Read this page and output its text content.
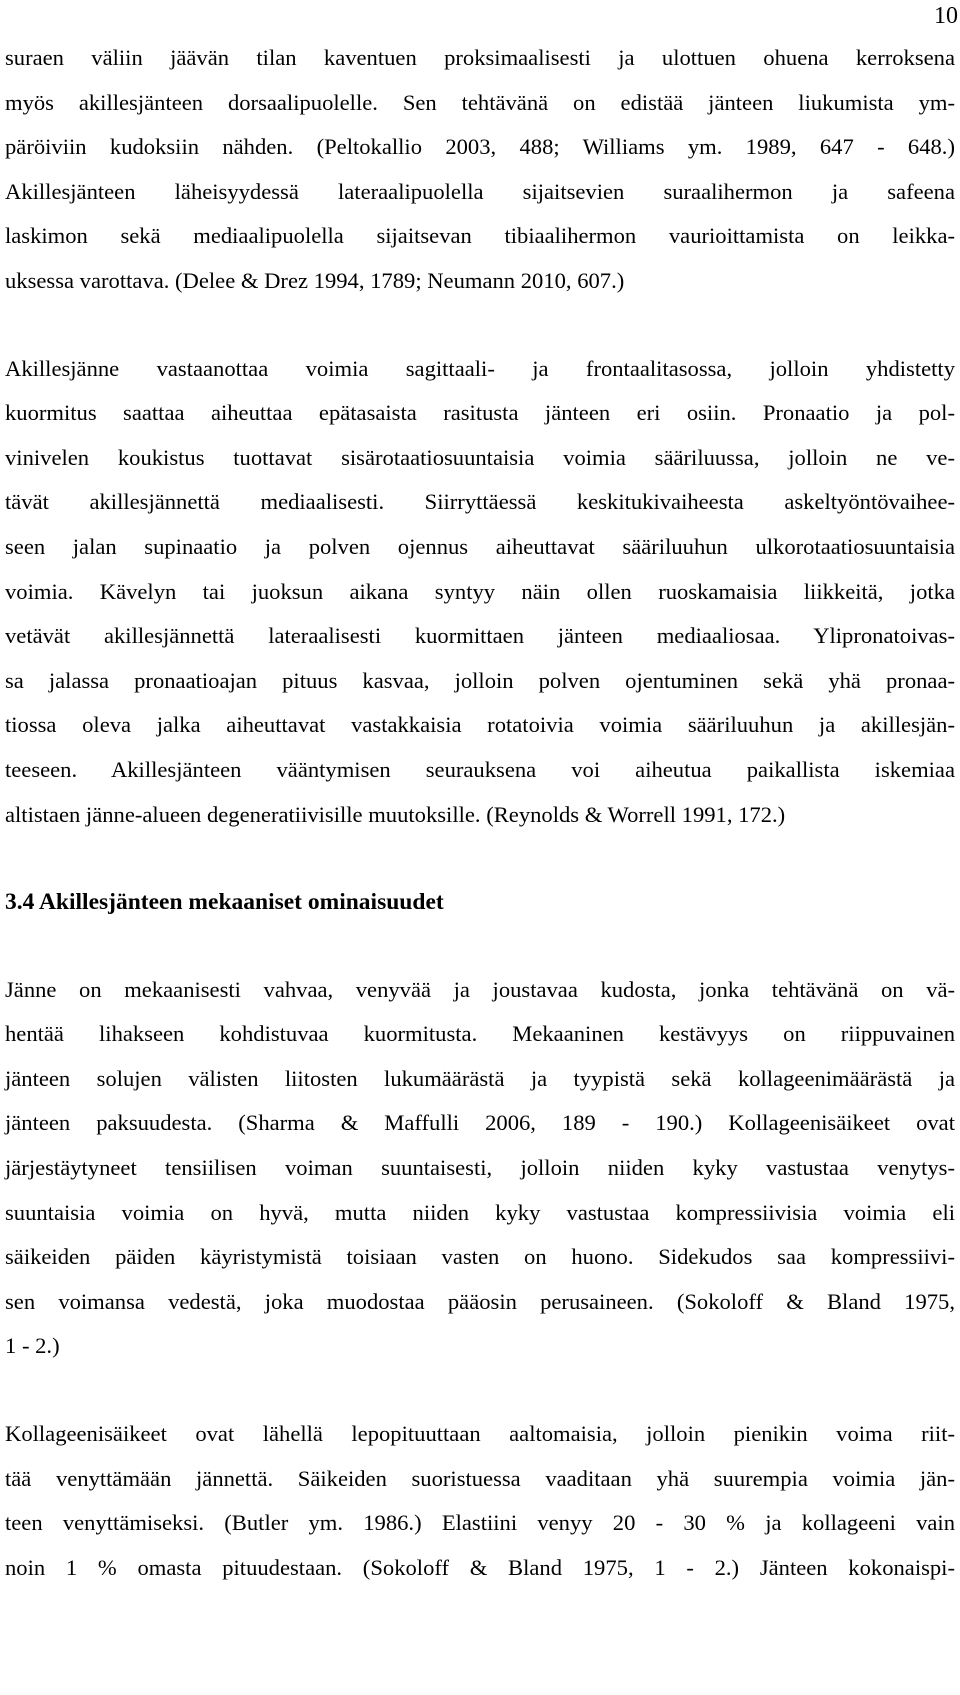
10
suraen väliin jäävän tilan kaventuen proksimaalisesti ja ulottuen ohuena kerroksena
myös akillesjänteen dorsaalipuolelle. Sen tehtävänä on edistää jänteen liukumista ym-
päröiviin kudoksiin nähden. (Peltokallio 2003, 488; Williams ym. 1989, 647 - 648.)
Akillesjänteen läheisyydessä lateraalipuolella sijaitsevien suraalihermon ja safeena
laskimon sekä mediaalipuolella sijaitsevan tibiaalihermon vaurioittamista on leikka-
uksessa varottava. (Delee & Drez 1994, 1789; Neumann 2010, 607.)
Akillesjänne vastaanottaa voimia sagittaali- ja frontaalitasossa, jolloin yhdistetty
kuormitus saattaa aiheuttaa epätasaista rasitusta jänteen eri osiin. Pronaatio ja pol-
vinivelen koukistus tuottavat sisärotaatiosuuntaisia voimia sääriluussa, jolloin ne ve-
tävät akillesjännettä mediaalisesti. Siirryttäessä keskitukivaiheesta askeltyöntövaihee-
seen jalan supinaatio ja polven ojennus aiheuttavat sääriluuhun ulkorotaatiosuuntaisia
voimia. Kävelyn tai juoksun aikana syntyy näin ollen ruoskamaisia liikkeitä, jotka
vetävät akillesjännettä lateraalisesti kuormittaen jänteen mediaaliosaa. Ylipronatoivas-
sa jalassa pronaatioajan pituus kasvaa, jolloin polven ojentuminen sekä yhä pronaa-
tiossa oleva jalka aiheuttavat vastakkaisia rotatoivia voimia sääriluuhun ja akillesjän-
teeseen. Akillesjänteen vääntymisen seurauksena voi aiheutua paikallista iskemiaa
altistaen jänne-alueen degeneratiivisille muutoksille. (Reynolds & Worrell 1991, 172.)
3.4 Akillesjänteen mekaaniset ominaisuudet
Jänne on mekaanisesti vahvaa, venyvää ja joustavaa kudosta, jonka tehtävänä on vä-
hentää lihakseen kohdistuvaa kuormitusta. Mekaaninen kestävyys on riippuvainen
jänteen solujen välisten liitosten lukumäärästä ja tyypistä sekä kollageenimäärästä ja
jänteen paksuudesta. (Sharma & Maffulli 2006, 189 - 190.) Kollageenisäikeet ovat
järjestäytyneet tensiilisen voiman suuntaisesti, jolloin niiden kyky vastustaa venytys-
suuntaisia voimia on hyvä, mutta niiden kyky vastustaa kompressiivisia voimia eli
säikeiden päiden käyristymistä toisiaan vasten on huono. Sidekudos saa kompressiivi-
sen voimansa vedestä, joka muodostaa pääosin perusaineen. (Sokoloff & Bland 1975,
1 - 2.)
Kollageenisäikeet ovat lähellä lepopituuttaan aaltomaisia, jolloin pienikin voima riit-
tää venyttämään jännettä. Säikeiden suoristuessa vaaditaan yhä suurempia voimia jän-
teen venyttämiseksi. (Butler ym. 1986.) Elastiini venyy 20 - 30 % ja kollageeni vain
noin 1 % omasta pituudestaan. (Sokoloff & Bland 1975, 1 - 2.) Jänteen kokonaispi-
